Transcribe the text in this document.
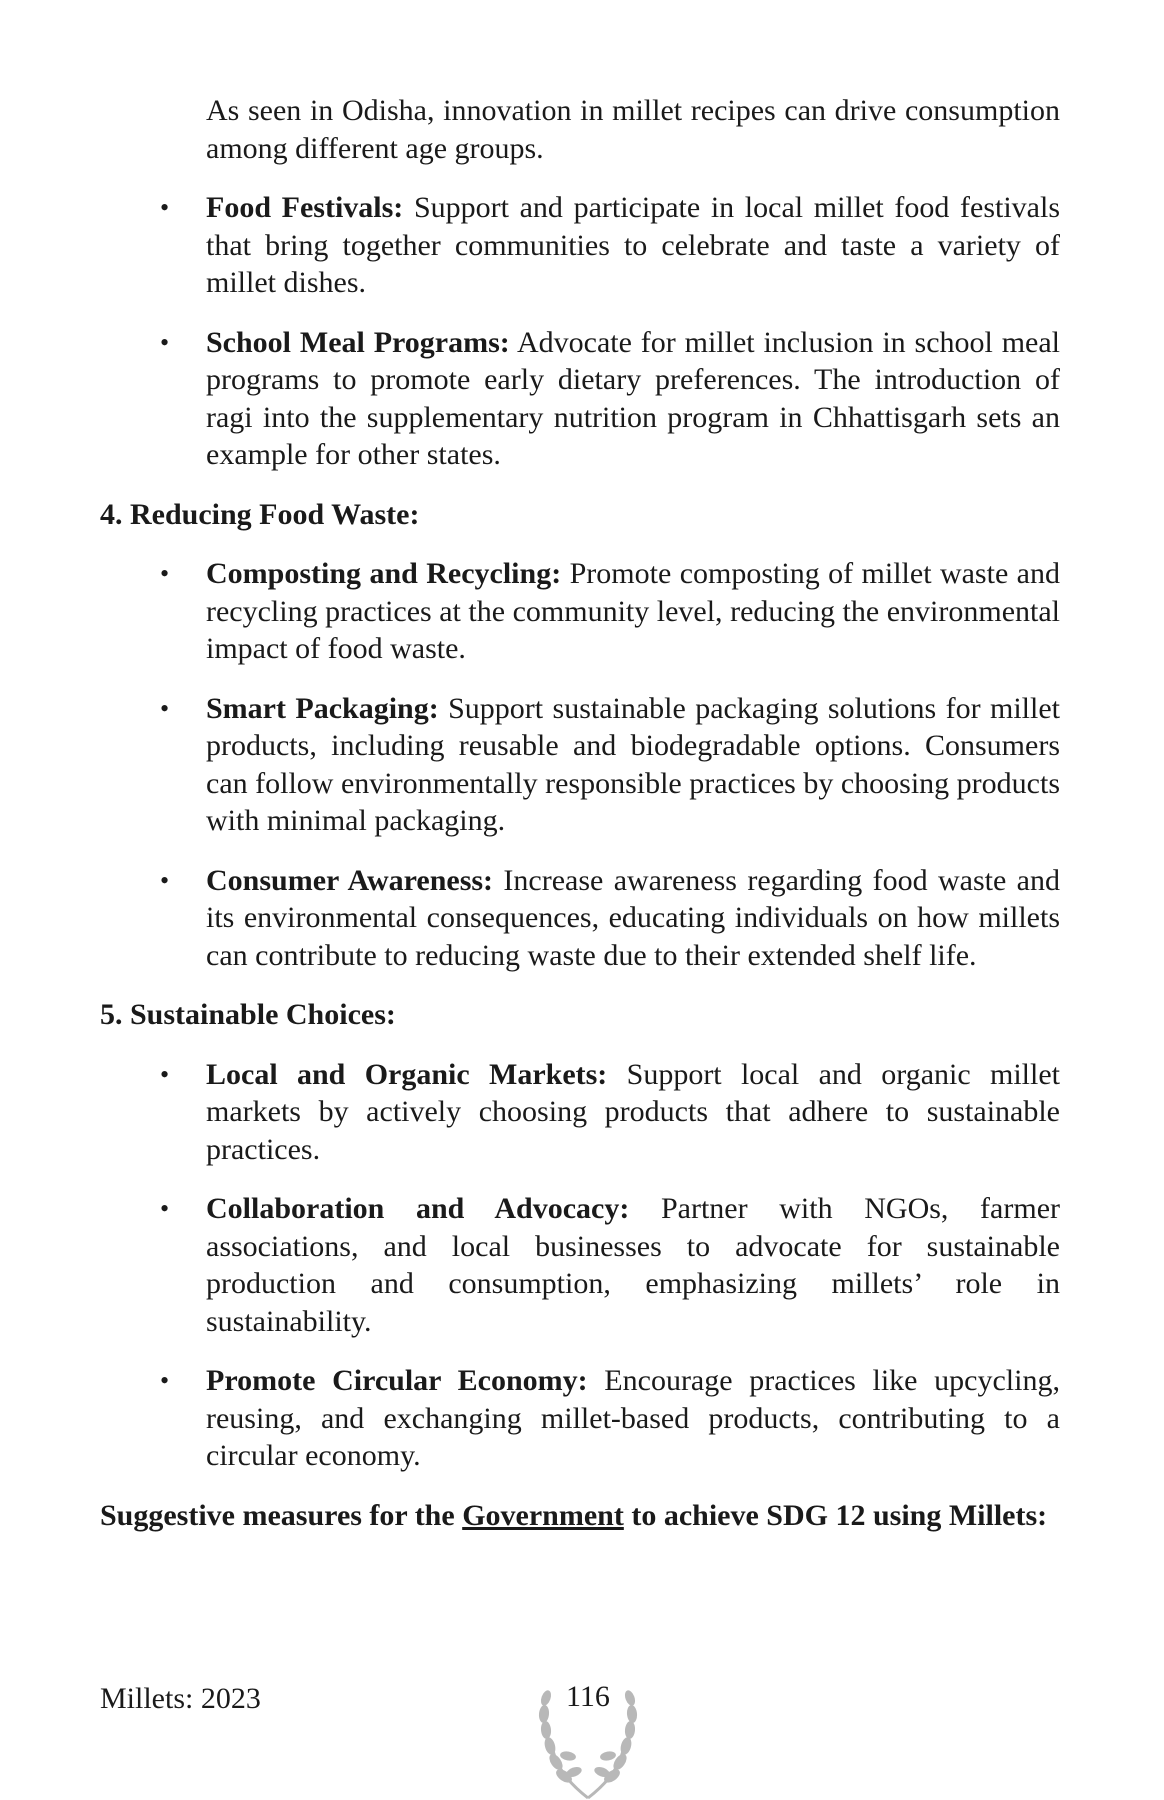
As seen in Odisha, innovation in millet recipes can drive consumption among different age groups.
• Food Festivals: Support and participate in local millet food festivals that bring together communities to celebrate and taste a variety of millet dishes.
• School Meal Programs: Advocate for millet inclusion in school meal programs to promote early dietary preferences. The introduction of ragi into the supplementary nutrition program in Chhattisgarh sets an example for other states.
4. Reducing Food Waste:
• Composting and Recycling: Promote composting of millet waste and recycling practices at the community level, reducing the environmental impact of food waste.
• Smart Packaging: Support sustainable packaging solutions for millet products, including reusable and biodegradable options. Consumers can follow environmentally responsible practices by choosing products with minimal packaging.
• Consumer Awareness: Increase awareness regarding food waste and its environmental consequences, educating individuals on how millets can contribute to reducing waste due to their extended shelf life.
5. Sustainable Choices:
• Local and Organic Markets: Support local and organic millet markets by actively choosing products that adhere to sustainable practices.
• Collaboration and Advocacy: Partner with NGOs, farmer associations, and local businesses to advocate for sustainable production and consumption, emphasizing millets’ role in sustainability.
• Promote Circular Economy: Encourage practices like upcycling, reusing, and exchanging millet-based products, contributing to a circular economy.
Suggestive measures for the Government to achieve SDG 12 using Millets:
Millets: 2023	116
